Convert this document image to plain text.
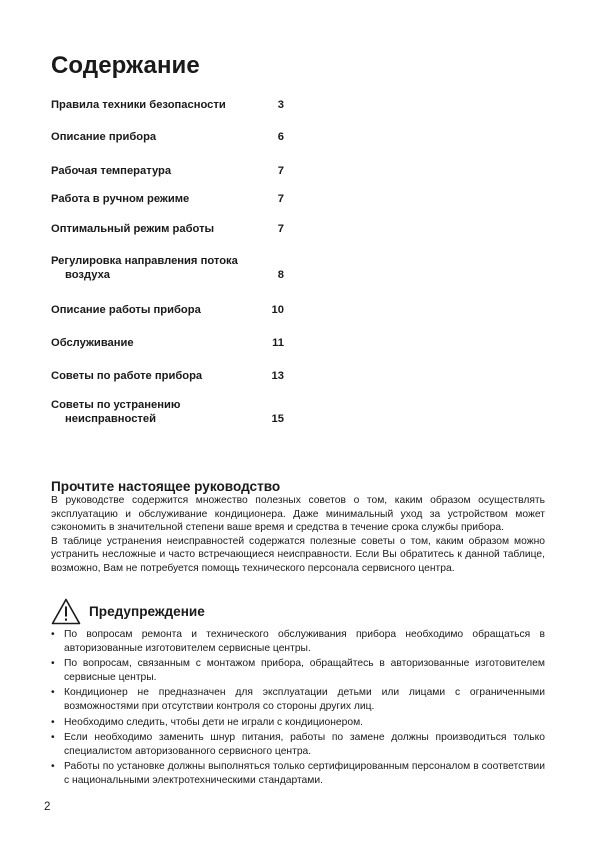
Содержание
Правила техники безопасности	3
Описание прибора	6
Рабочая температура	7
Работа в ручном режиме	7
Оптимальный режим работы	7
Регулировка направления потока
воздуха	8
Описание работы прибора	10
Обслуживание	11
Советы по работе прибора	13
Советы по устранению
неисправностей	15
Прочтите настоящее руководство

В руководстве содержится множество полезных советов о том, каким образом осуществлять эксплуатацию и обслуживание кондиционера. Даже минимальный уход за устройством может сэкономить в значительной степени ваше время и средства в течение срока службы прибора.

В таблице устранения неисправностей содержатся полезные советы о том, каким образом можно устранить несложные и часто встречающиеся неисправности. Если Вы обратитесь к данной таблице, возможно, Вам не потребуется помощь технического персонала сервисного центра.

Предупреждение
• По вопросам ремонта и технического обслуживания прибора необходимо обращаться в авторизованные изготовителем сервисные центры.
• По вопросам, связанным с монтажом прибора, обращайтесь в авторизованные изготовителем сервисные центры.
• Кондиционер не предназначен для эксплуатации детьми или лицами с ограниченными возможностями при отсутствии контроля со стороны других лиц.
• Необходимо следить, чтобы дети не играли с кондиционером.
• Если необходимо заменить шнур питания, работы по замене должны производиться только специалистом авторизованного сервисного центра.
• Работы по установке должны выполняться только сертифицированным персоналом в соответствии с национальными электротехническими стандартами.
2
